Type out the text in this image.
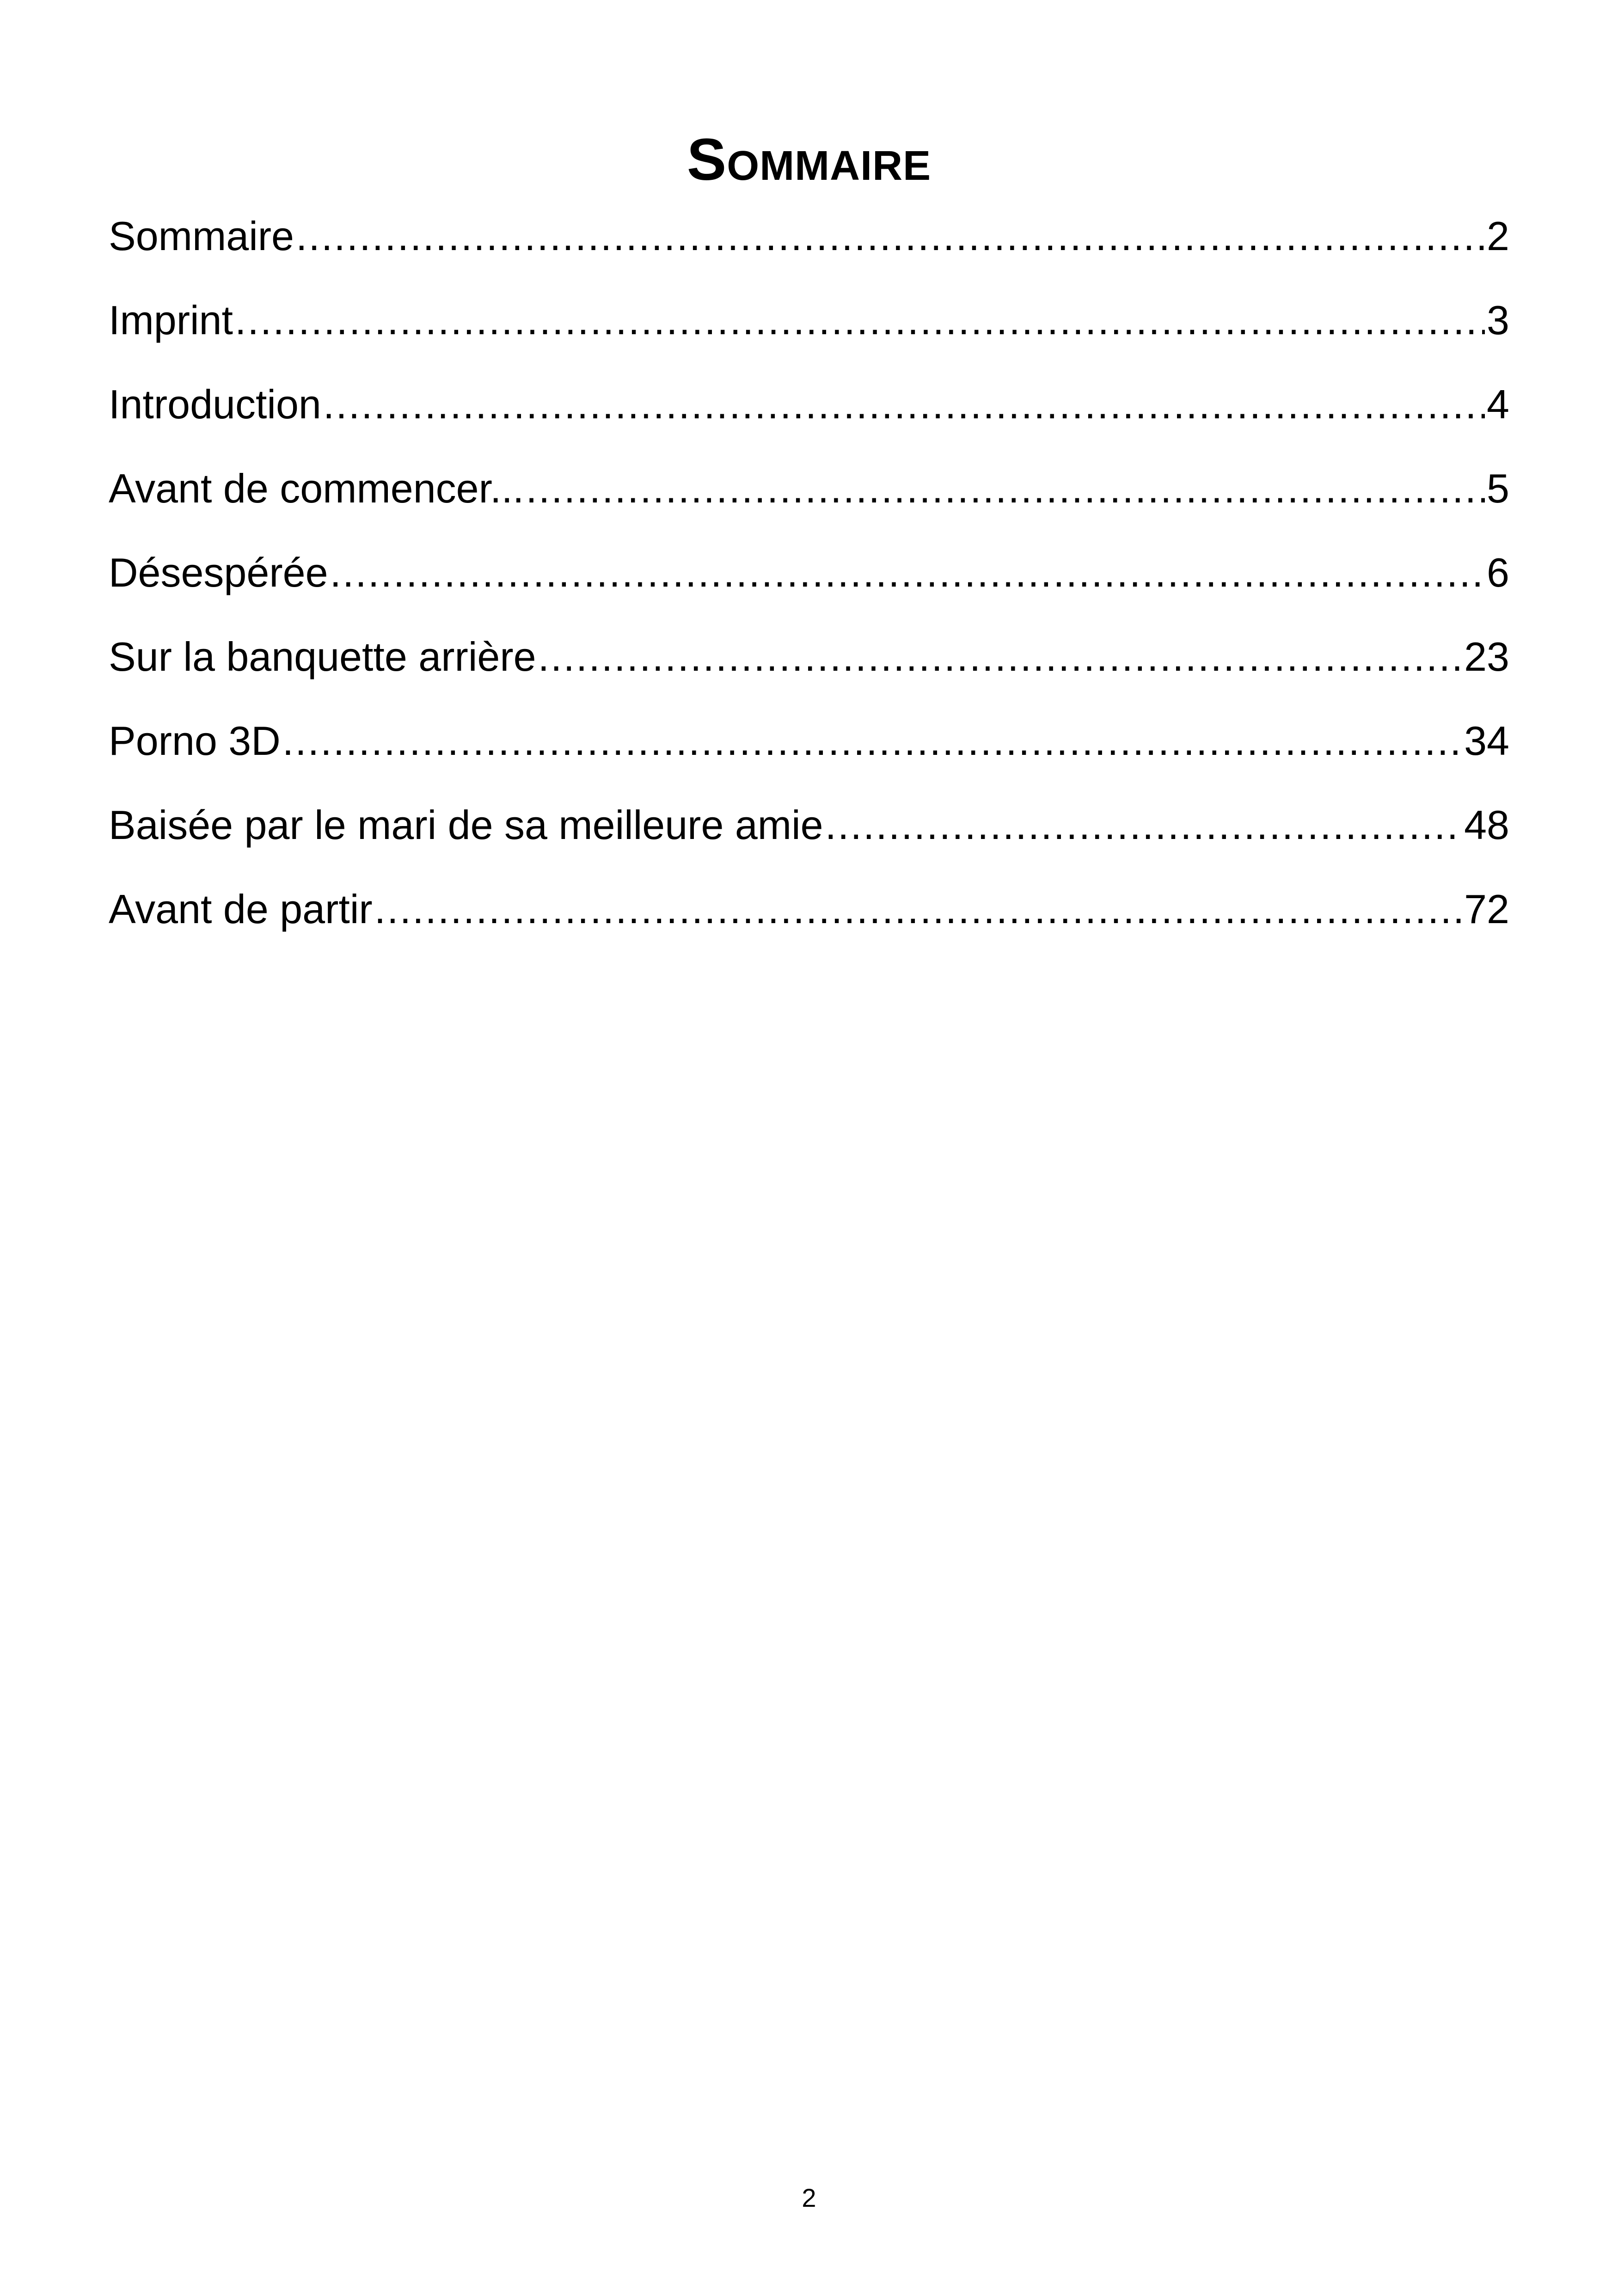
Sommaire
Sommaire .....	2
Imprint .....	3
Introduction .....	4
Avant de commencer... .....	5
Désespérée .....	6
Sur la banquette arrière .....	23
Porno 3D .....	34
Baisée par le mari de sa meilleure amie .....	48
Avant de partir .....	72
2
